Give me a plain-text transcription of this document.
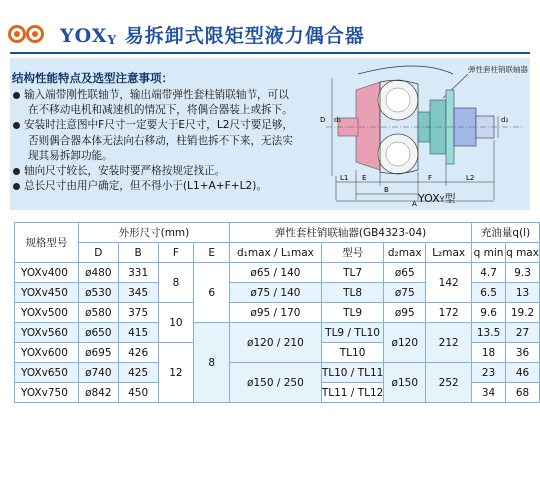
YOXY 易拆卸式限矩型液力偶合器
结构性能特点及选型注意事项：
输入端带刚性联轴节，输出端带弹性套柱销联轴节，可以
在不移动电机和减速机的情况下，将偶合器装上或拆下。
安装时注意图中F尺寸一定要大于E尺寸，L2尺寸要足够，
否则偶合器本体无法向右移动，柱销也拆不下来，无法实
现其易拆卸功能。
轴向尺寸较长，安装时要严格按规定找正。
总长尺寸由用户确定，但不得小于(L1+A+F+L2)。
弹性套柱销联轴器
D d₁	d₂
L1 E	F	L2
B
A YOXY型
规格型号	外形尺寸(mm)				弹性套柱销联轴器(GB4323-04)				充油量q(l)	
	D	B	F	E	d₁max / L₁max	型号	d₂max	L₂max	q min	q max
YOXv400	ø480	331	8	6	ø65 / 140	TL7	ø65	142	4.7	9.3
YOXv450	ø530	345			ø75 / 140	TL8	ø75		6.5	13
YOXv500	ø580	375	10		ø95 / 170	TL9	ø95	172	9.6	19.2
YOXv560	ø650	415		8	ø120 / 210	TL9 / TL10	ø120	212	13.5	27
YOXv600	ø695	426	12			TL10			18	36
YOXv650	ø740	425			ø150 / 250	TL10 / TL11	ø150	252	23	46
YOXv750	ø842	450				TL11 / TL12			34	68
